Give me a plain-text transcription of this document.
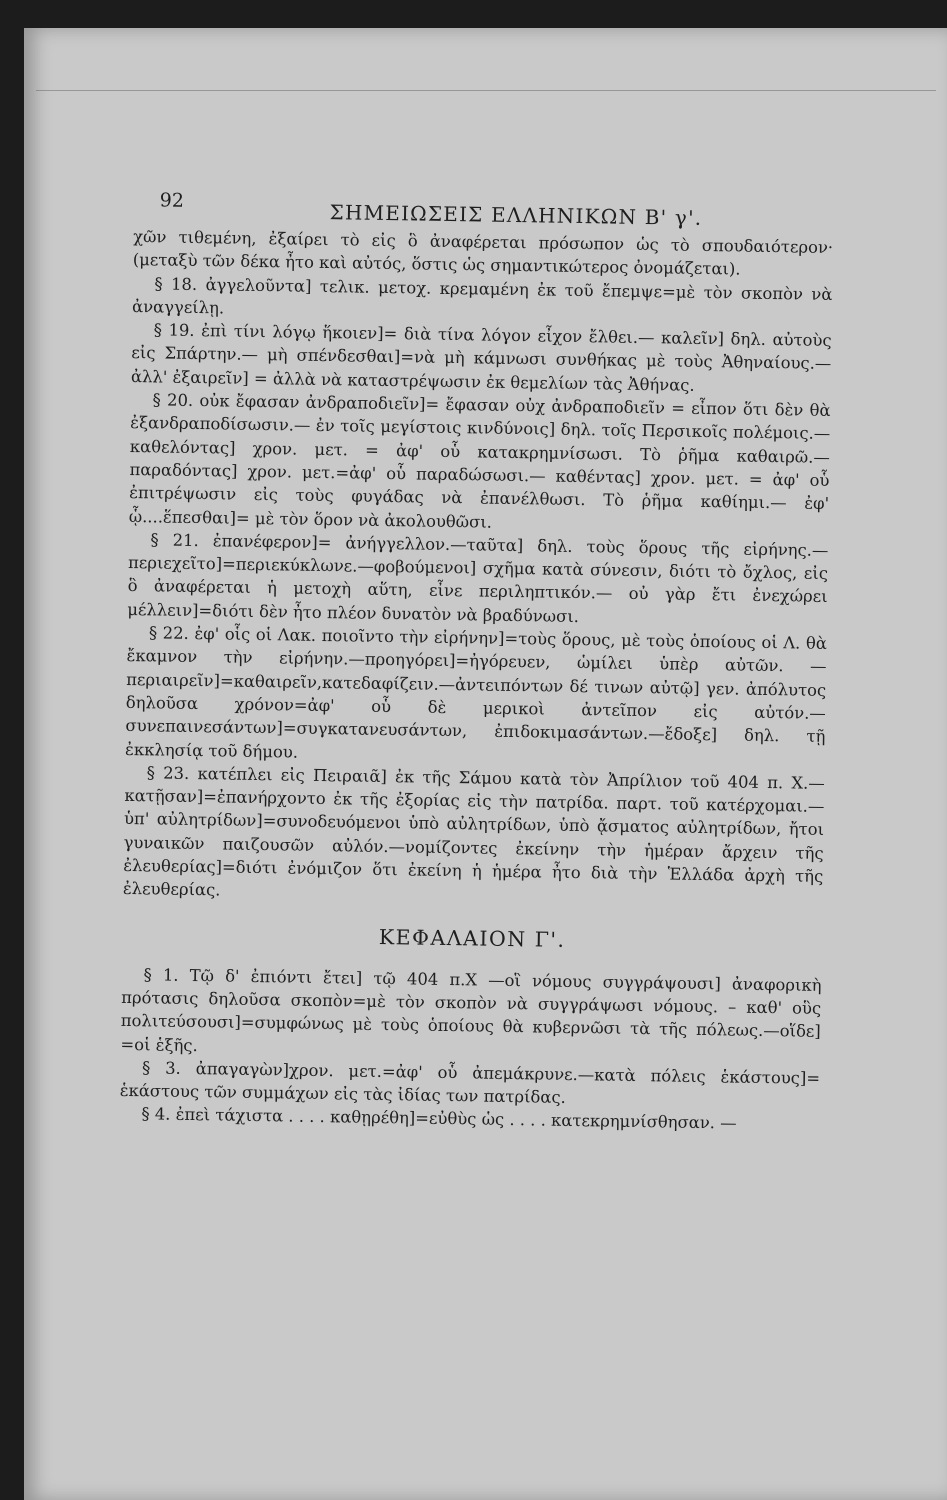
92	ΣΗΜΕΙΩΣΕΙΣ ΕΛΛΗΝΙΚΩΝ Β' γ'.

χῶν τιθεμένη, ἐξαίρει τὸ εἰς ὃ ἀναφέρεται πρόσωπον ὡς τὸ σπουδαιότερον· (μεταξὺ τῶν δέκα ἦτο καὶ αὐτός, ὅστις ὡς σημαντικώτερος ὀνομάζεται).

§ 18. ἀγγελοῦντα] τελικ. μετοχ. κρεμαμένη ἐκ τοῦ ἔπεμψε=μὲ τὸν σκοπὸν νὰ ἀναγγείλῃ.

§ 19. ἐπὶ τίνι λόγῳ ἥκοιεν]= διὰ τίνα λόγον εἶχον ἔλθει.— καλεῖν] δηλ. αὐτοὺς εἰς Σπάρτην.— μὴ σπένδεσθαι]=νὰ μὴ κάμνωσι συνθήκας μὲ τοὺς Ἀθηναίους.— ἀλλ' ἐξαιρεῖν] = ἀλλὰ νὰ καταστρέψωσιν ἐκ θεμελίων τὰς Ἀθήνας.

§ 20. οὐκ ἔφασαν ἀνδραποδιεῖν]= ἔφασαν οὐχ ἀνδραποδιεῖν = εἶπον ὅτι δὲν θὰ ἐξανδραποδίσωσιν.— ἐν τοῖς μεγίστοις κινδύνοις] δηλ. τοῖς Περσικοῖς πολέμοις.— καθελόντας] χρον. μετ. = ἀφ' οὗ κατακρημνίσωσι. Τὸ ῥῆμα καθαιρῶ.— παραδόντας] χρον. μετ.=ἀφ' οὗ παραδώσωσι.— καθέντας] χρον. μετ. = ἀφ' οὗ ἐπιτρέψωσιν εἰς τοὺς φυγάδας νὰ ἐπανέλθωσι. Τὸ ῥῆμα καθίημι.— ἐφ' ᾧ....ἕπεσθαι]= μὲ τὸν ὅρον νὰ ἀκολουθῶσι.

§ 21. ἐπανέφερον]= ἀνήγγελλον.—ταῦτα] δηλ. τοὺς ὅρους τῆς εἰρήνης.— περιεχεῖτο]=περιεκύκλωνε.—φοβούμενοι] σχῆμα κατὰ σύνεσιν, διότι τὸ ὄχλος, εἰς ὃ ἀναφέρεται ἡ μετοχὴ αὕτη, εἶνε περιληπτικόν.— οὐ γὰρ ἔτι ἐνεχώρει μέλλειν]=διότι δὲν ἦτο πλέον δυνατὸν νὰ βραδύνωσι.

§ 22. ἐφ' οἷς οἱ Λακ. ποιοῖντο τὴν εἰρήνην]=τοὺς ὅρους, μὲ τοὺς ὁποίους οἱ Λ. θὰ ἔκαμνον τὴν εἰρήνην.—προηγόρει]=ἠγόρευεν, ὡμίλει ὑπὲρ αὐτῶν. —περιαιρεῖν]=καθαιρεῖν,κατεδαφίζειν.—ἀντειπόντων δέ τινων αὐτῷ] γεν. ἀπόλυτος δηλοῦσα χρόνον=ἀφ' οὗ δὲ μερικοὶ ἀντεῖπον εἰς αὐτόν.—συνεπαινεσάντων]=συγκατανευσάντων, ἐπιδοκιμασάντων.—ἔδοξε] δηλ. τῇ ἐκκλησίᾳ τοῦ δήμου.

§ 23. κατέπλει εἰς Πειραιᾶ] ἐκ τῆς Σάμου κατὰ τὸν Ἀπρίλιον τοῦ 404 π. Χ.—κατῇσαν]=ἐπανήρχοντο ἐκ τῆς ἐξορίας εἰς τὴν πατρίδα. παρτ. τοῦ κατέρχομαι.—ὑπ' αὐλητρίδων]=συνοδευόμενοι ὑπὸ αὐλητρίδων, ὑπὸ ᾄσματος αὐλητρίδων, ἤτοι γυναικῶν παιζουσῶν αὐλόν.—νομίζοντες ἐκείνην τὴν ἡμέραν ἄρχειν τῆς ἐλευθερίας]=διότι ἐνόμιζον ὅτι ἐκείνη ἡ ἡμέρα ἦτο διὰ τὴν Ἑλλάδα ἀρχὴ τῆς ἐλευθερίας.

ΚΕΦΑΛΑΙΟΝ Γ'.

§ 1. Τῷ δ' ἐπιόντι ἔτει] τῷ 404 π.Χ —οἳ νόμους συγγράψουσι] ἀναφορικὴ πρότασις δηλοῦσα σκοπὸν=μὲ τὸν σκοπὸν νὰ συγγράψωσι νόμους. – καθ' οὓς πολιτεύσουσι]=συμφώνως μὲ τοὺς ὁποίους θὰ κυβερνῶσι τὰ τῆς πόλεως.—οἵδε] =οἱ ἑξῆς.

§ 3. ἀπαγαγὼν]χρον. μετ.=ἀφ' οὗ ἀπεμάκρυνε.—κατὰ πόλεις ἑκάστους]= ἑκάστους τῶν συμμάχων εἰς τὰς ἰδίας των πατρίδας.

§ 4. ἐπεὶ τάχιστα . . . . καθῃρέθη]=εὐθὺς ὡς . . . . κατεκρημνίσθησαν. —
